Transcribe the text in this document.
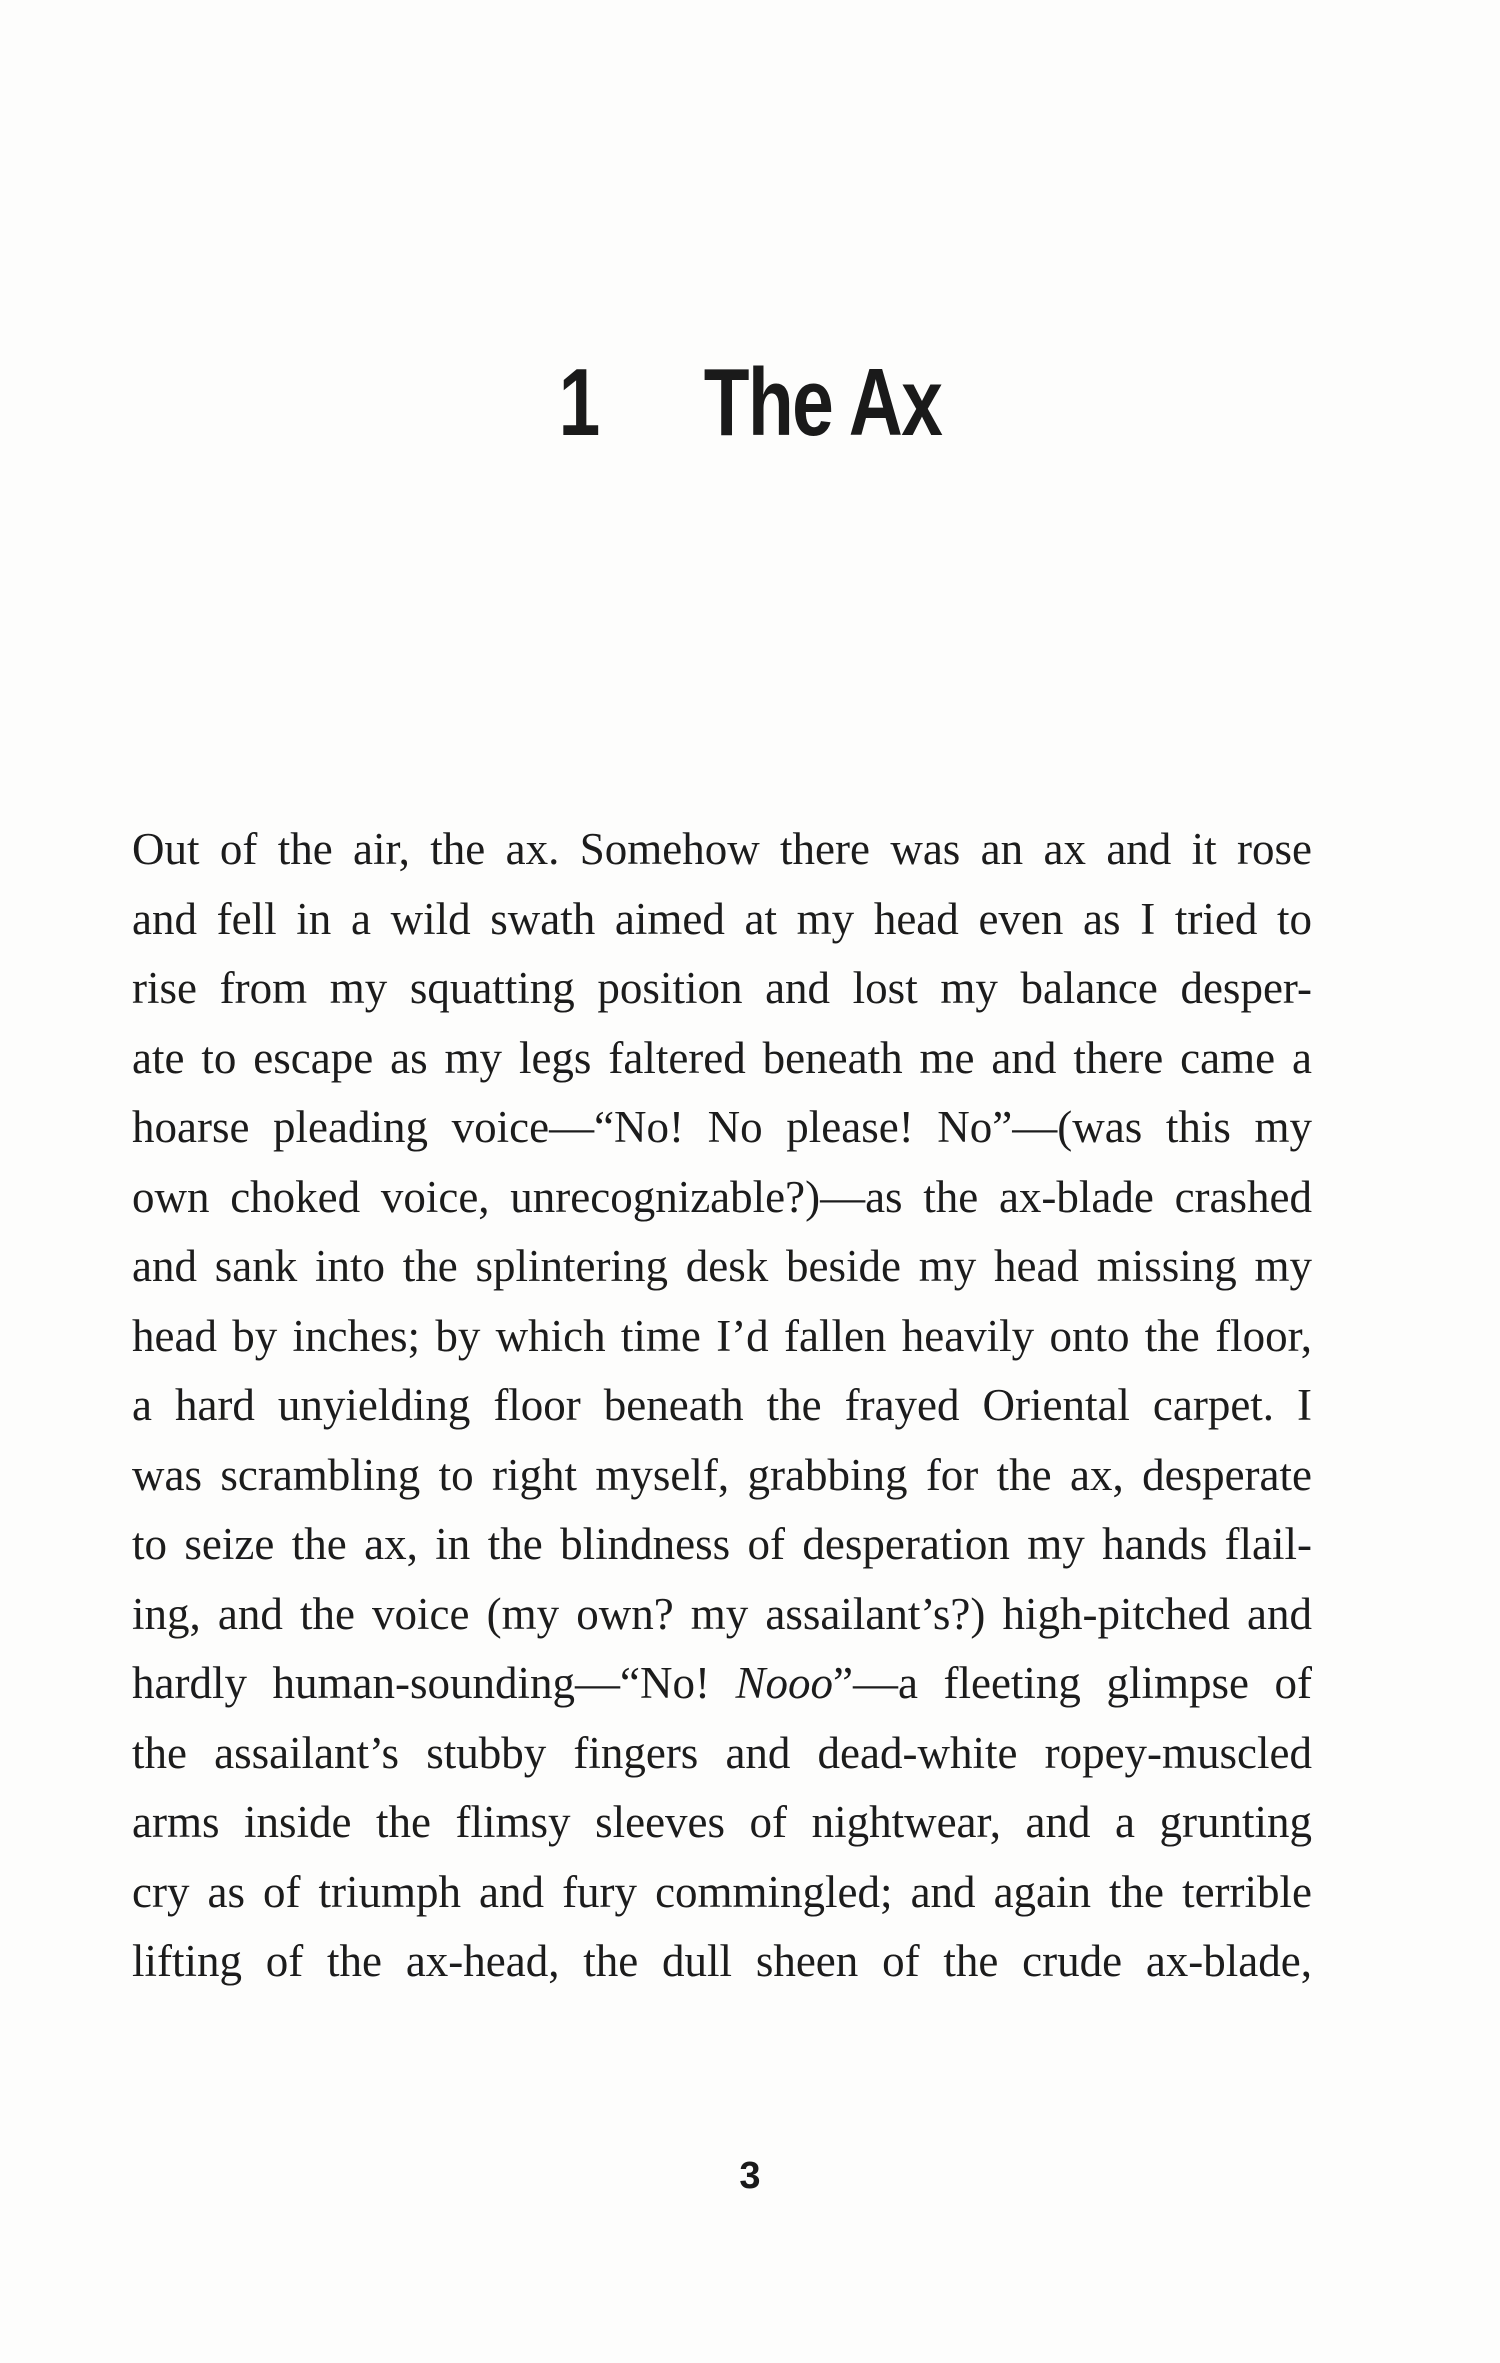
1 The Ax
Out of the air, the ax. Somehow there was an ax and it rose
and fell in a wild swath aimed at my head even as I tried to
rise from my squatting position and lost my balance desper-
ate to escape as my legs faltered beneath me and there came a
hoarse pleading voice—“No! No please! No”—(was this my
own choked voice, unrecognizable?)—as the ax-blade crashed
and sank into the splintering desk beside my head missing my
head by inches; by which time I’d fallen heavily onto the floor,
a hard unyielding floor beneath the frayed Oriental carpet. I
was scrambling to right myself, grabbing for the ax, desperate
to seize the ax, in the blindness of desperation my hands flail-
ing, and the voice (my own? my assailant’s?) high-pitched and
hardly human-sounding—“No! Nooo”—a fleeting glimpse of
the assailant’s stubby fingers and dead-white ropey-muscled
arms inside the flimsy sleeves of nightwear, and a grunting
cry as of triumph and fury commingled; and again the terrible
lifting of the ax-head, the dull sheen of the crude ax-blade,
3
